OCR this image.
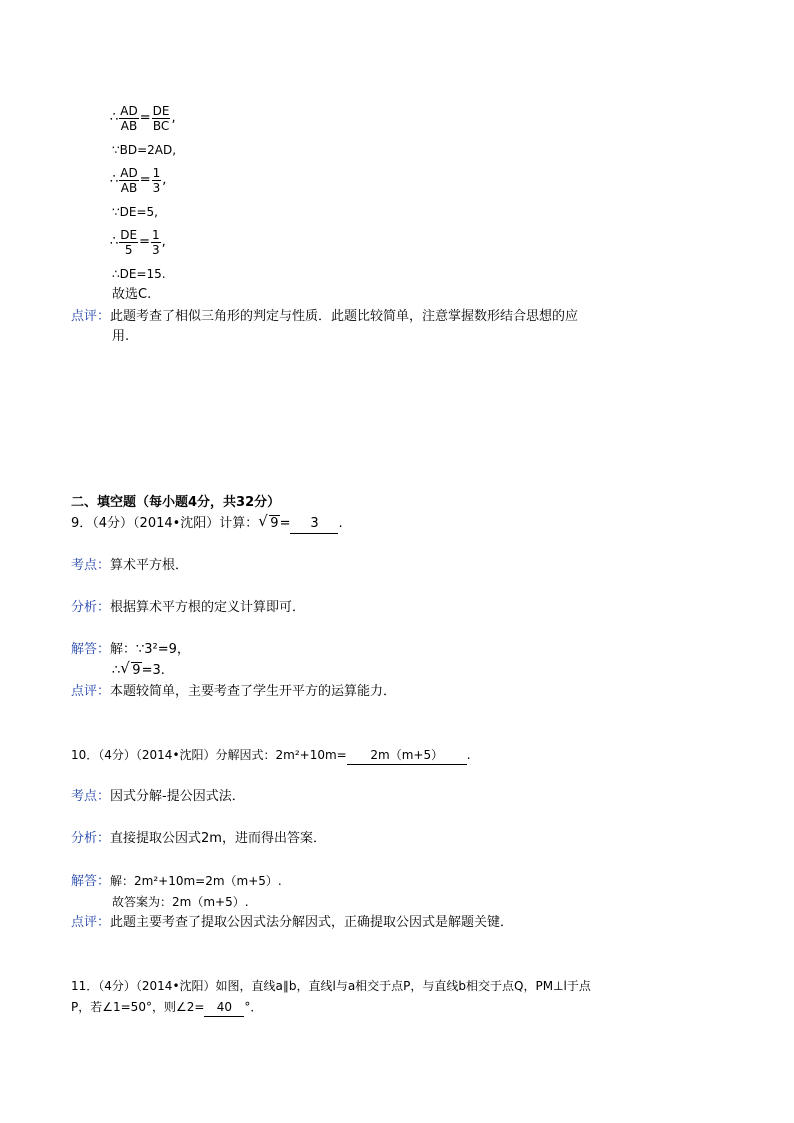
∴ $\frac{AD}{AB} = \frac{DE}{BC}$ ,
∵BD=2AD,
∴ $\frac{AD}{AB} = \frac{1}{3}$ ,
∵DE=5,
∴ $\frac{DE}{5} = \frac{1}{3}$ ,
∴DE=15.
故选C.
点评：此题考查了相似三角形的判定与性质．此题比较简单，注意掌握数形结合思想的应
用.
二、填空题（每小题4分，共32分）
9．（4分）（2014•沈阳）计算： √ 9= 3 .
考点：算术平方根．
分析：根据算术平方根的定义计算即可．
解答：解：∵3²=9，
∴ √ 9=3.
点评：本题较简单，主要考查了学生开平方的运算能力．
10．（4分）（2014•沈阳）分解因式：2m²+10m= 2m（m+5） .
考点：因式分解-提公因式法．
分析：直接提取公因式2m，进而得出答案．
解答：解：2m²+10m=2m（m+5）.
故答案为：2m（m+5）.
点评：此题主要考查了提取公因式法分解因式，正确提取公因式是解题关键．
11．（4分）（2014•沈阳）如图，直线a∥b，直线l与a相交于点P，与直线b相交于点Q，PM⊥l于点
P，若∠1=50°，则∠2= 40 °．
